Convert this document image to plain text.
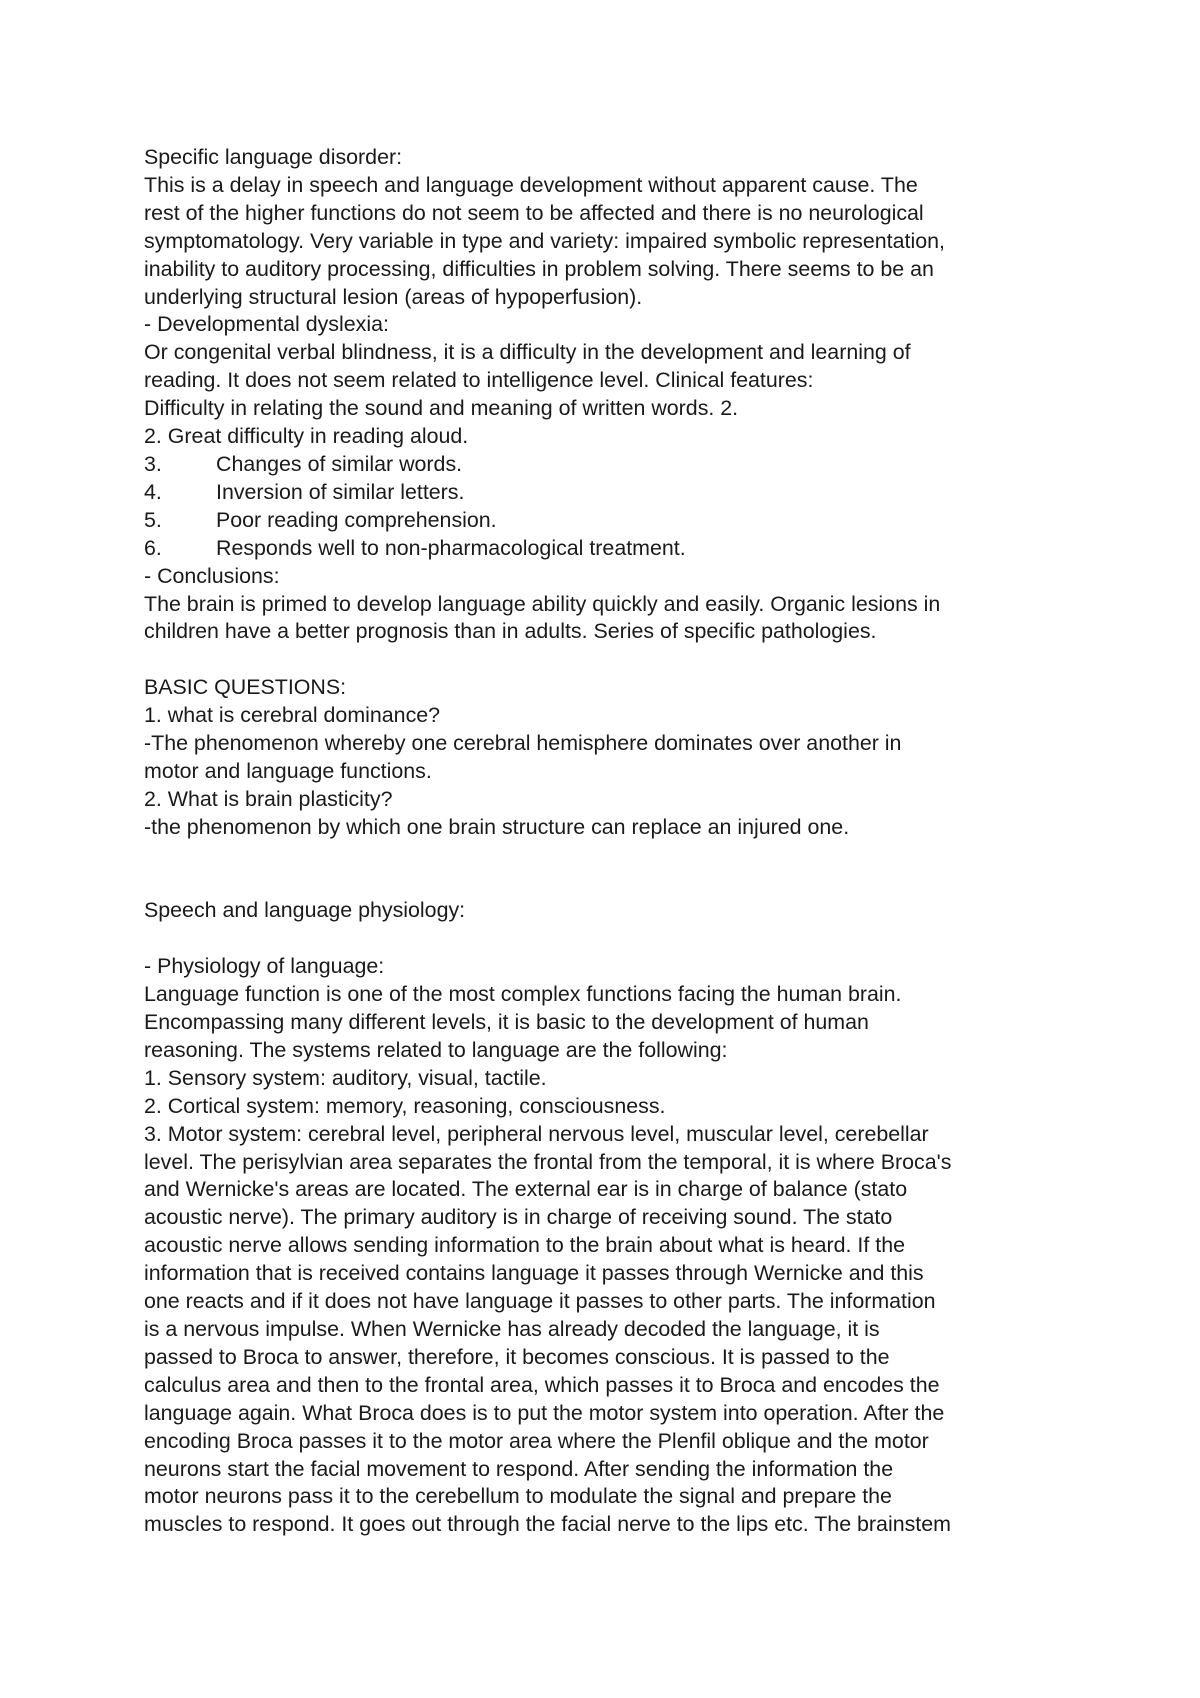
Specific language disorder:
This is a delay in speech and language development without apparent cause. The
rest of the higher functions do not seem to be affected and there is no neurological
symptomatology. Very variable in type and variety: impaired symbolic representation,
inability to auditory processing, difficulties in problem solving. There seems to be an
underlying structural lesion (areas of hypoperfusion).
- Developmental dyslexia:
Or congenital verbal blindness, it is a difficulty in the development and learning of
reading. It does not seem related to intelligence level. Clinical features:
Difficulty in relating the sound and meaning of written words. 2.
2. Great difficulty in reading aloud.
3.	Changes of similar words.
4.	Inversion of similar letters.
5.	Poor reading comprehension.
6.	Responds well to non-pharmacological treatment.
- Conclusions:
The brain is primed to develop language ability quickly and easily. Organic lesions in
children have a better prognosis than in adults. Series of specific pathologies.
BASIC QUESTIONS:
1. what is cerebral dominance?
-The phenomenon whereby one cerebral hemisphere dominates over another in
motor and language functions.
2. What is brain plasticity?
-the phenomenon by which one brain structure can replace an injured one.
Speech and language physiology:
- Physiology of language:
Language function is one of the most complex functions facing the human brain.
Encompassing many different levels, it is basic to the development of human
reasoning. The systems related to language are the following:
1. Sensory system: auditory, visual, tactile.
2. Cortical system: memory, reasoning, consciousness.
3. Motor system: cerebral level, peripheral nervous level, muscular level, cerebellar
level. The perisylvian area separates the frontal from the temporal, it is where Broca's
and Wernicke's areas are located. The external ear is in charge of balance (stato
acoustic nerve). The primary auditory is in charge of receiving sound. The stato
acoustic nerve allows sending information to the brain about what is heard. If the
information that is received contains language it passes through Wernicke and this
one reacts and if it does not have language it passes to other parts. The information
is a nervous impulse. When Wernicke has already decoded the language, it is
passed to Broca to answer, therefore, it becomes conscious. It is passed to the
calculus area and then to the frontal area, which passes it to Broca and encodes the
language again. What Broca does is to put the motor system into operation. After the
encoding Broca passes it to the motor area where the Plenfil oblique and the motor
neurons start the facial movement to respond. After sending the information the
motor neurons pass it to the cerebellum to modulate the signal and prepare the
muscles to respond. It goes out through the facial nerve to the lips etc. The brainstem
